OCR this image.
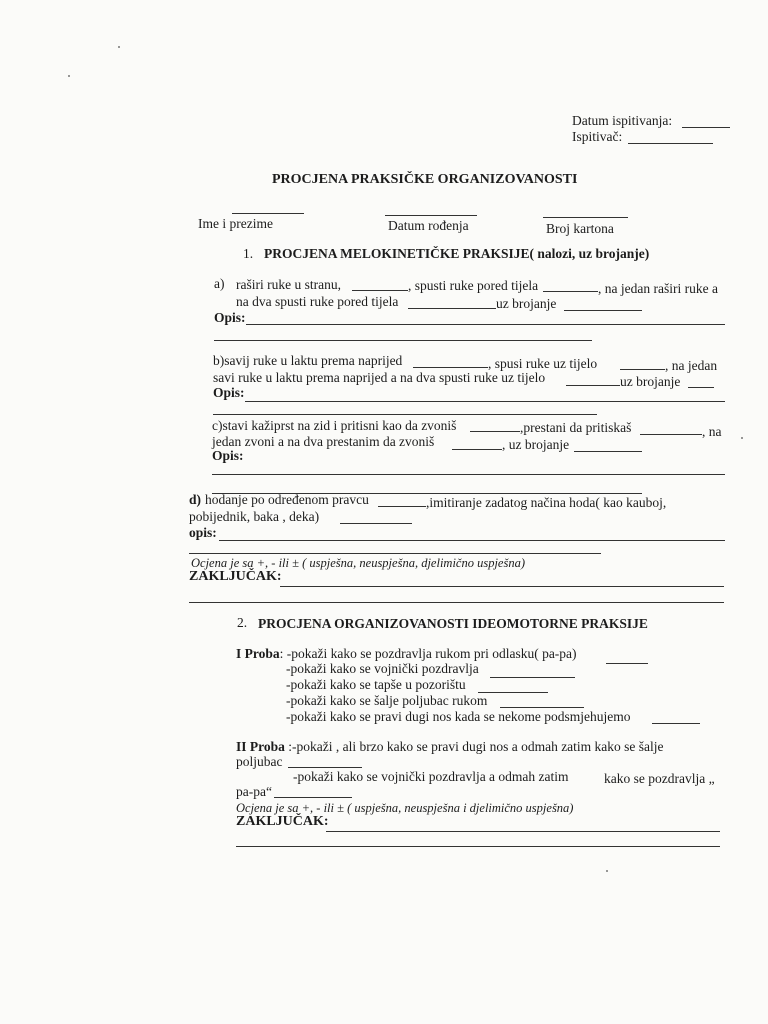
Datum ispitivanja:
Ispitivač:
PROCJENA PRAKSIČKE ORGANIZOVANOSTI
Ime i prezime	Datum rođenja	Broj kartona
1. PROCJENA MELOKINETIČKE PRAKSIJE( nalozi, uz brojanje)
a) raširi ruke u stranu,	, spusti ruke pored tijela	, na jedan raširi ruke a
na dva spusti ruke pored tijela	uz brojanje
Opis:
b)savij ruke u laktu prema naprijed	, spusi ruke uz tijelo	, na jedan
savi ruke u laktu prema naprijed a na dva spusti ruke uz tijelo	uz brojanje
Opis:
c)stavi kažiprst na zid i pritisni kao da zvoniš	,prestani da pritiskaš	, na
jedan zvoni a na dva prestanim da zvoniš	, uz brojanje
Opis:
d) hodanje po određenom pravcu	,imitiranje zadatog načina hoda( kao kauboj,
pobijednik, baka , deka)
opis:
Ocjena je sa +, - ili ± ( uspješna, neuspješna, djelimično uspješna)
ZAKLJUČAK:
2. PROCJENA ORGANIZOVANOSTI IDEOMOTORNE PRAKSIJE
I Proba: -pokaži kako se pozdravlja rukom pri odlasku( pa-pa)
-pokaži kako se vojnički pozdravlja
-pokaži kako se tapše u pozorištu
-pokaži kako se šalje poljubac rukom
-pokaži kako se pravi dugi nos kada se nekome podsmjehujemo
II Proba :-pokaži , ali brzo kako se pravi dugi nos a odmah zatim kako se šalje
poljubac
-pokaži kako se vojnički pozdravlja a odmah zatim	kako se pozdravlja „
pa-pa“
Ocjena je sa +, - ili ± ( uspješna, neuspješna i djelimično uspješna)
ZAKLJUČAK:
